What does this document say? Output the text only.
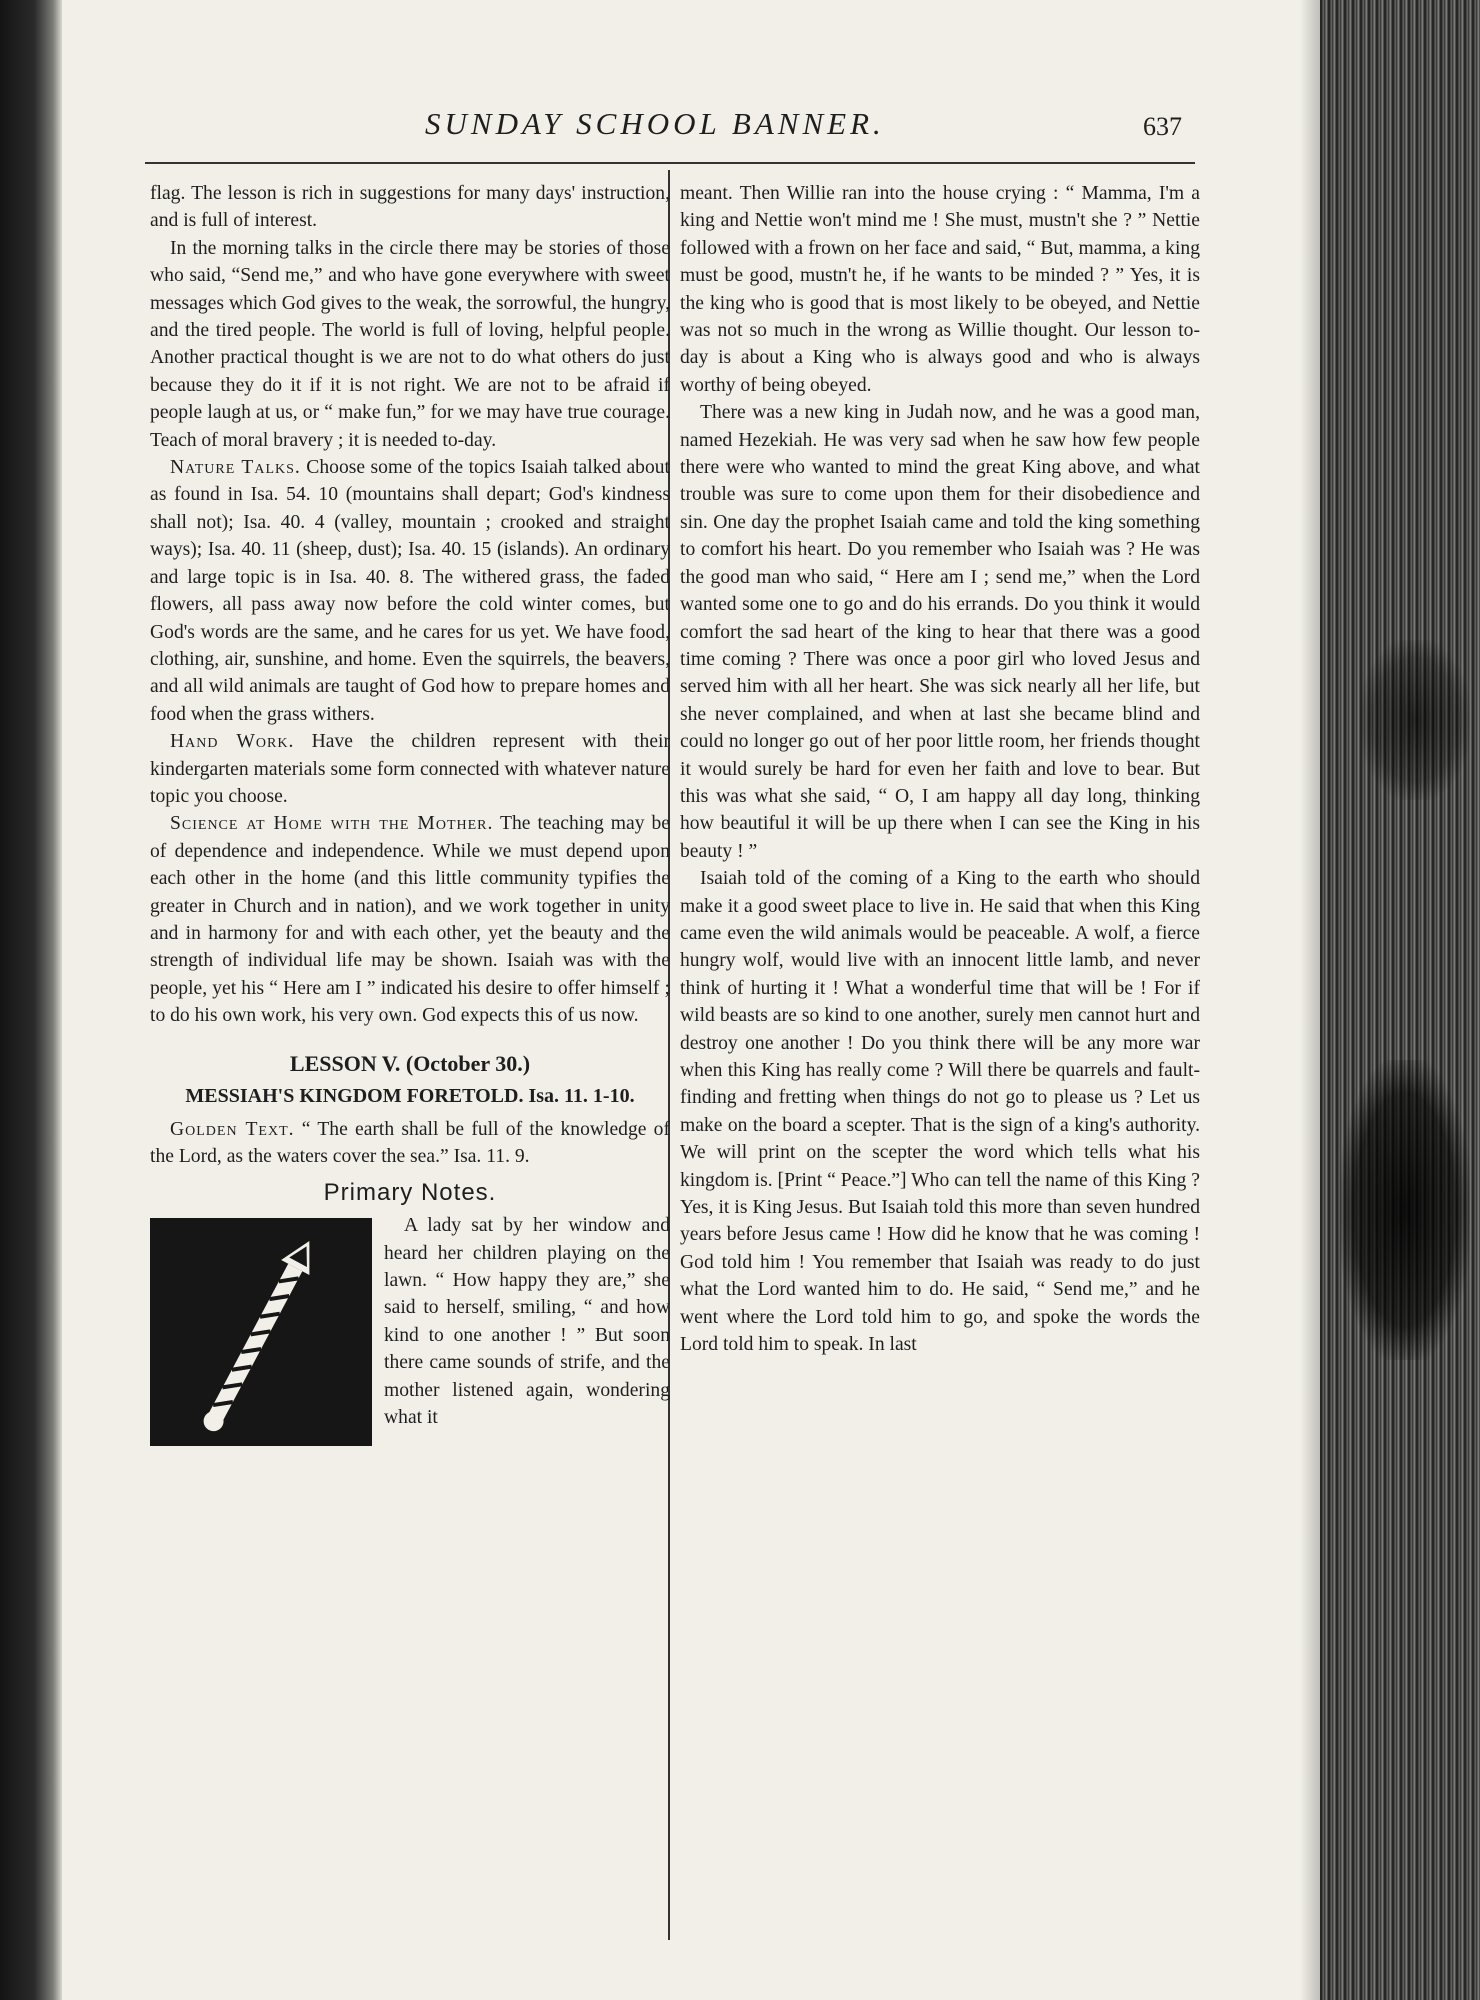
SUNDAY SCHOOL BANNER.	637

flag. The lesson is rich in suggestions for many days' instruction, and is full of interest.

In the morning talks in the circle there may be stories of those who said, “Send me,” and who have gone everywhere with sweet messages which God gives to the weak, the sorrowful, the hungry, and the tired people. The world is full of loving, helpful people. Another practical thought is we are not to do what others do just because they do it if it is not right. We are not to be afraid if people laugh at us, or “ make fun,” for we may have true courage. Teach of moral bravery ; it is needed to-day.

Nature Talks. Choose some of the topics Isaiah talked about as found in Isa. 54. 10 (mountains shall depart; God's kindness shall not); Isa. 40. 4 (valley, mountain ; crooked and straight ways); Isa. 40. 11 (sheep, dust); Isa. 40. 15 (islands). An ordinary and large topic is in Isa. 40. 8. The withered grass, the faded flowers, all pass away now before the cold winter comes, but God's words are the same, and he cares for us yet. We have food, clothing, air, sunshine, and home. Even the squirrels, the beavers, and all wild animals are taught of God how to prepare homes and food when the grass withers.

Hand Work. Have the children represent with their kindergarten materials some form connected with whatever nature topic you choose.

Science at Home with the Mother. The teaching may be of dependence and independence. While we must depend upon each other in the home (and this little community typifies the greater in Church and in nation), and we work together in unity and in harmony for and with each other, yet the beauty and the strength of individual life may be shown. Isaiah was with the people, yet his “ Here am I ” indicated his desire to offer himself ; to do his own work, his very own. God expects this of us now.

LESSON V. (October 30.)
MESSIAH'S KINGDOM FORETOLD. Isa. 11. 1-10.

Golden Text. “ The earth shall be full of the knowledge of the Lord, as the waters cover the sea.” Isa. 11. 9.

Primary Notes.

A lady sat by her window and heard her children playing on the lawn. “ How happy they are,” she said to herself, smiling, “ and how kind to one another ! ” But soon there came sounds of strife, and the mother listened again, wondering what it

meant. Then Willie ran into the house crying : “ Mamma, I'm a king and Nettie won't mind me ! She must, mustn't she ? ” Nettie followed with a frown on her face and said, “ But, mamma, a king must be good, mustn't he, if he wants to be minded ? ” Yes, it is the king who is good that is most likely to be obeyed, and Nettie was not so much in the wrong as Willie thought. Our lesson to-day is about a King who is always good and who is always worthy of being obeyed.

There was a new king in Judah now, and he was a good man, named Hezekiah. He was very sad when he saw how few people there were who wanted to mind the great King above, and what trouble was sure to come upon them for their disobedience and sin. One day the prophet Isaiah came and told the king something to comfort his heart. Do you remember who Isaiah was ? He was the good man who said, “ Here am I ; send me,” when the Lord wanted some one to go and do his errands. Do you think it would comfort the sad heart of the king to hear that there was a good time coming ? There was once a poor girl who loved Jesus and served him with all her heart. She was sick nearly all her life, but she never complained, and when at last she became blind and could no longer go out of her poor little room, her friends thought it would surely be hard for even her faith and love to bear. But this was what she said, “ O, I am happy all day long, thinking how beautiful it will be up there when I can see the King in his beauty ! ”

Isaiah told of the coming of a King to the earth who should make it a good sweet place to live in. He said that when this King came even the wild animals would be peaceable. A wolf, a fierce hungry wolf, would live with an innocent little lamb, and never think of hurting it ! What a wonderful time that will be ! For if wild beasts are so kind to one another, surely men cannot hurt and destroy one another ! Do you think there will be any more war when this King has really come ? Will there be quarrels and fault-finding and fretting when things do not go to please us ? Let us make on the board a scepter. That is the sign of a king's authority. We will print on the scepter the word which tells what his kingdom is. [Print “ Peace.”] Who can tell the name of this King ? Yes, it is King Jesus. But Isaiah told this more than seven hundred years before Jesus came ! How did he know that he was coming ! God told him ! You remember that Isaiah was ready to do just what the Lord wanted him to do. He said, “ Send me,” and he went where the Lord told him to go, and spoke the words the Lord told him to speak. In last
